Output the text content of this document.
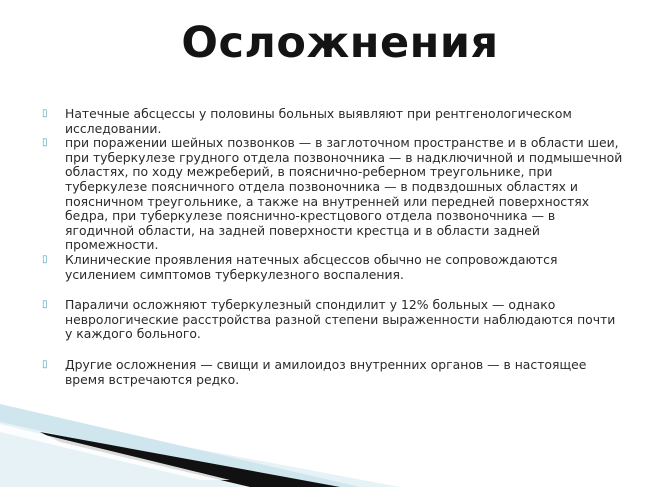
Осложнения
▯ Натечные абсцессы у половины больных выявляют при рентгенологическом исследовании.
▯ при поражении шейных позвонков — в заглоточном пространстве и в области шеи, при туберкулезе грудного отдела позвоночника — в надключичной и подмышечной областях, по ходу межреберий, в пояснично-реберном треугольнике, при туберкулезе поясничного отдела позвоночника — в подвздошных областях и поясничном треугольнике, а также на внутренней или передней поверхностях бедра, при туберкулезе пояснично-крестцового отдела позвоночника — в ягодичной области, на задней поверхности крестца и в области задней промежности.
▯ Клинические проявления натечных абсцессов обычно не сопровождаются усилением симптомов туберкулезного воспаления.
▯ Параличи осложняют туберкулезный спондилит у 12% больных — однако неврологические расстройства разной степени выраженности наблюдаются почти у каждого больного.
▯ Другие осложнения — свищи и амилоидоз внутренних органов — в настоящее время встречаются редко.
